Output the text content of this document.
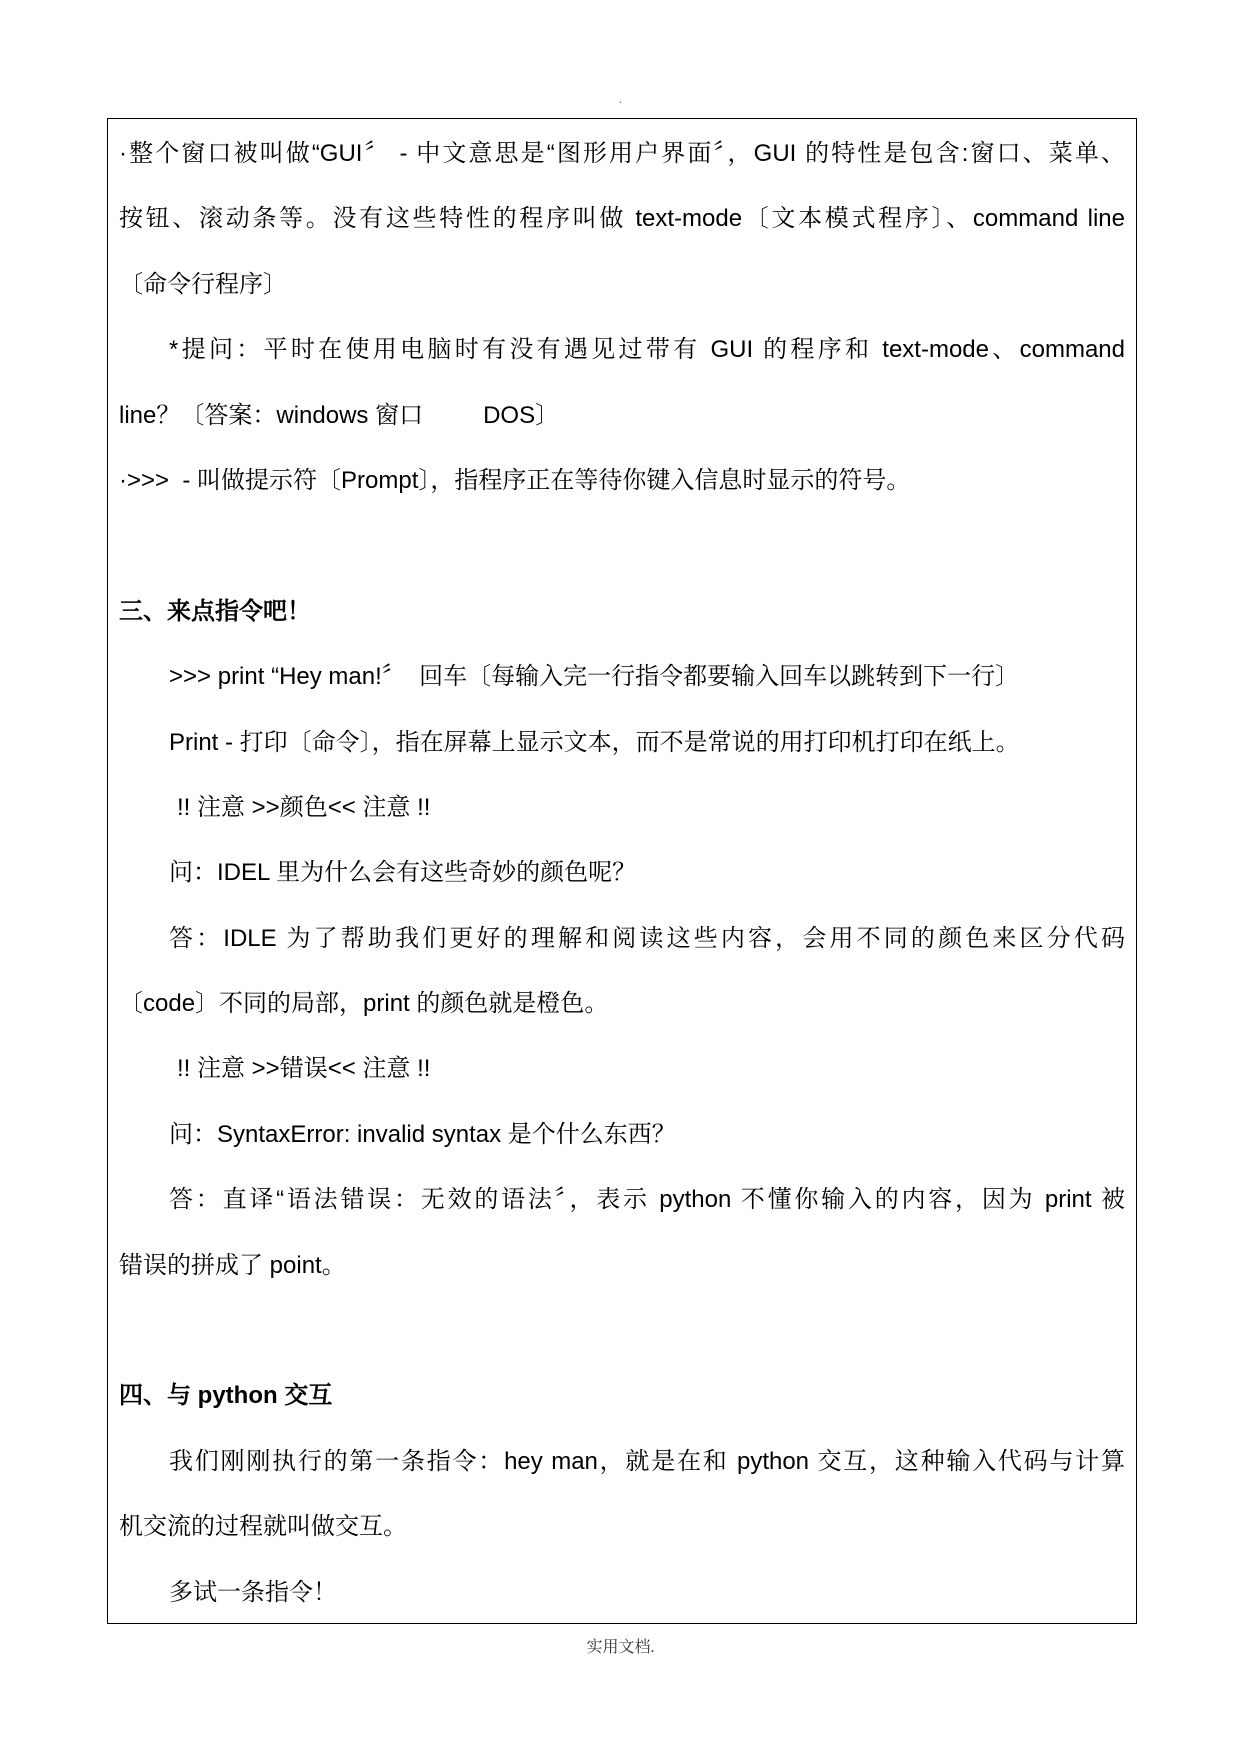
.
·整个窗口被叫做“GUI〞 - 中文意思是“图形用户界面〞，GUI 的特性是包含:窗口、菜单、
按钮、滚动条等。没有这些特性的程序叫做 text-mode〔文本模式程序〕、command line
〔命令行程序〕
*提问：平时在使用电脑时有没有遇见过带有 GUI 的程序和 text-mode、command
line？〔答案：windows 窗口         DOS〕
·>>>  - 叫做提示符〔Prompt〕，指程序正在等待你键入信息时显示的符号。
三、来点指令吧！
>>> print “Hey man!〞  回车〔每输入完一行指令都要输入回车以跳转到下一行〕
Print - 打印〔命令〕，指在屏幕上显示文本，而不是常说的用打印机打印在纸上。
!! 注意 >>颜色<< 注意 !!
问：IDEL 里为什么会有这些奇妙的颜色呢？
答：IDLE 为了帮助我们更好的理解和阅读这些内容，会用不同的颜色来区分代码
〔code〕不同的局部，print 的颜色就是橙色。
!! 注意 >>错误<< 注意 !!
问：SyntaxError: invalid syntax 是个什么东西？
答：直译“语法错误：无效的语法〞，表示 python 不懂你输入的内容，因为 print 被
错误的拼成了 point。
四、与 python 交互
我们刚刚执行的第一条指令：hey man，就是在和 python 交互，这种输入代码与计算
机交流的过程就叫做交互。
多试一条指令！
实用文档.
